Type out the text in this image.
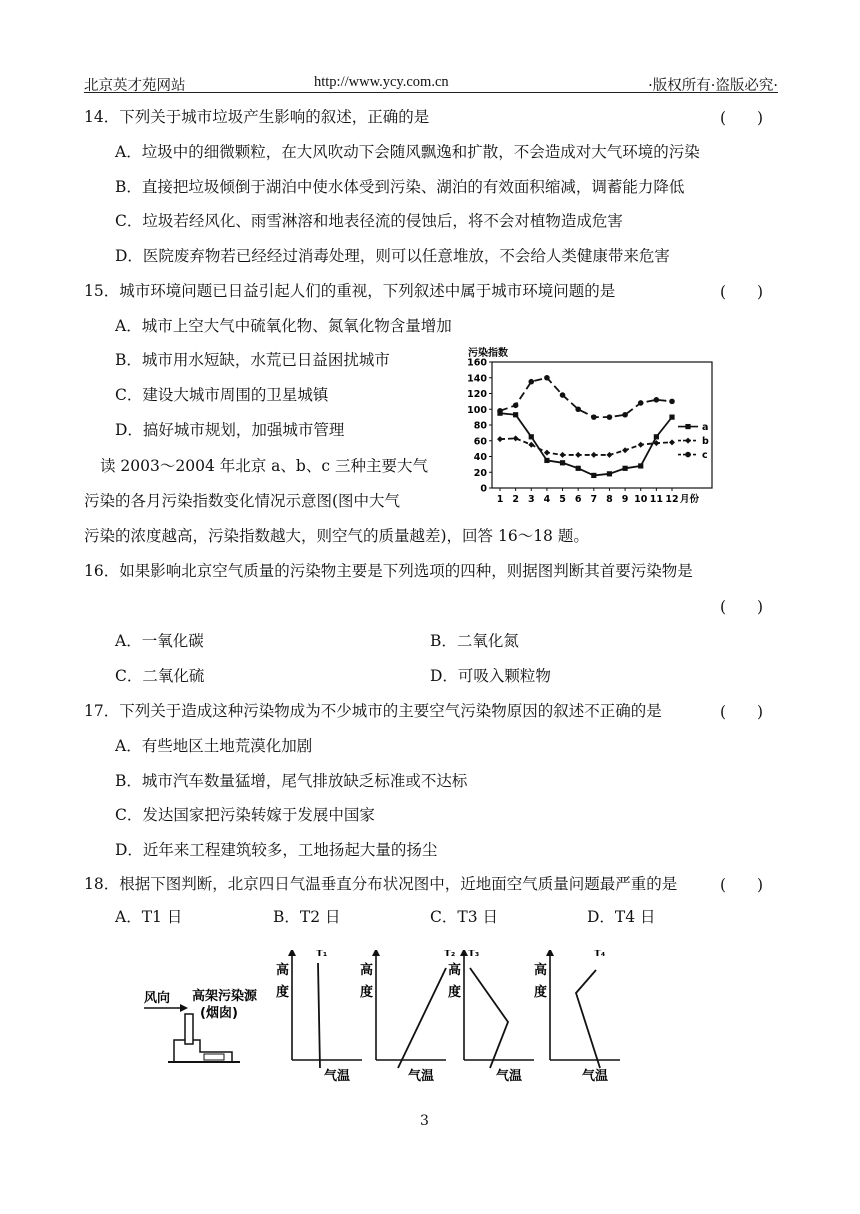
北京英才苑网站	http://www.ycy.com.cn	·版权所有·盗版必究·
14．下列关于城市垃圾产生影响的叙述，正确的是	(　　)
A．垃圾中的细微颗粒，在大风吹动下会随风飘逸和扩散，不会造成对大气环境的污染
B．直接把垃圾倾倒于湖泊中使水体受到污染、湖泊的有效面积缩减，调蓄能力降低
C．垃圾若经风化、雨雪淋溶和地表径流的侵蚀后，将不会对植物造成危害
D．医院废弃物若已经经过消毒处理，则可以任意堆放，不会给人类健康带来危害
15．城市环境问题已日益引起人们的重视，下列叙述中属于城市环境问题的是	(　　)
A．城市上空大气中硫氧化物、氮氧化物含量增加
B．城市用水短缺，水荒已日益困扰城市
C．建设大城市周围的卫星城镇
D．搞好城市规划，加强城市管理
读 2003～2004 年北京 a、b、c 三种主要大气
污染的各月污染指数变化情况示意图(图中大气
污染的浓度越高，污染指数越大，则空气的质量越差)，回答 16～18 题。
污染指数
0
20
40
60
80
100
120
140
160
1 2 3 4 5 6 7 8 9 10 11 12 月份
a
b
c
16．如果影响北京空气质量的污染物主要是下列选项的四种，则据图判断其首要污染物是
(　　)
A．一氧化碳	B．二氧化氮
C．二氧化硫	D．可吸入颗粒物
17．下列关于造成这种污染物成为不少城市的主要空气污染物原因的叙述不正确的是	(　　)
A．有些地区土地荒漠化加剧
B．城市汽车数量猛增，尾气排放缺乏标准或不达标
C．发达国家把污染转嫁于发展中国家
D．近年来工程建筑较多，工地扬起大量的扬尘
18．根据下图判断，北京四日气温垂直分布状况图中，近地面空气质量问题最严重的是	(　　)
A．T1 日	B．T2 日	C．T3 日	D．T4 日
风向 高架污染源
(烟囱)
高
度
气温
T₁
高
度
气温
T₂
高
度
气温
T₃
高
度
气温
T₄
3
